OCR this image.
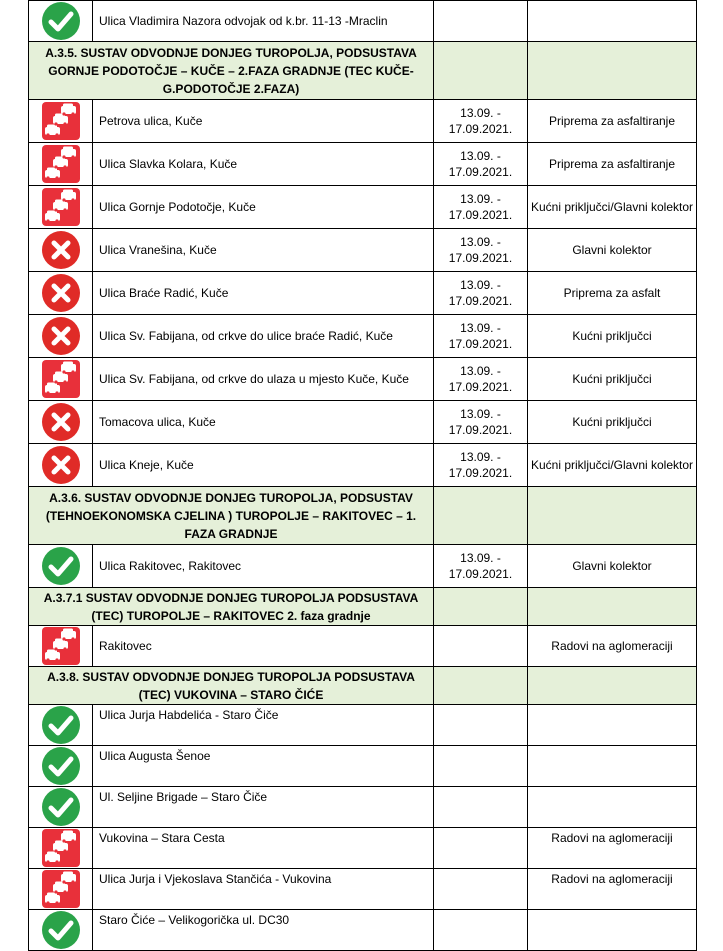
	Ulica Vladimira Nazora odvojak od k.br. 11-13 -Mraclin		
A.3.5. SUSTAV ODVODNJE DONJEG TUROPOLJA, PODSUSTAVA GORNJE PODOTOČJE – KUČE – 2.FAZA GRADNJE (TEC KUČE-G.PODOTOČJE 2.FAZA)			

	Petrova ulica, Kuče	13.09. - 17.09.2021.	Priprema za asfaltiranje

	Ulica Slavka Kolara, Kuče	13.09. - 17.09.2021.	Priprema za asfaltiranje

	Ulica Gornje Podotočje, Kuče	13.09. - 17.09.2021.	Kućni priključci/Glavni kolektor

	Ulica Vranešina, Kuče	13.09. - 17.09.2021.	Glavni kolektor

	Ulica Braće Radić, Kuče	13.09. - 17.09.2021.	Priprema za asfalt

	Ulica Sv. Fabijana, od crkve do ulice braće Radić, Kuče	13.09. - 17.09.2021.	Kućni priključci

	Ulica Sv. Fabijana, od crkve do ulaza u mjesto Kuče, Kuče	13.09. - 17.09.2021.	Kućni priključci

	Tomacova ulica, Kuče	13.09. - 17.09.2021.	Kućni priključci

	Ulica Kneje, Kuče	13.09. - 17.09.2021.	Kućni priključci/Glavni kolektor
A.3.6. SUSTAV ODVODNJE DONJEG TUROPOLJA, PODSUSTAV (TEHNOEKONOMSKA CJELINA ) TUROPOLJE – RAKITOVEC – 1. FAZA GRADNJE			

	Ulica Rakitovec, Rakitovec	13.09. - 17.09.2021.	Glavni kolektor
A.3.7.1 SUSTAV ODVODNJE DONJEG TUROPOLJA PODSUSTAVA (TEC) TUROPOLJE – RAKITOVEC 2. faza gradnje			

	Rakitovec		Radovi na aglomeraciji
A.3.8. SUSTAV ODVODNJE DONJEG TUROPOLJA PODSUSTAVA (TEC) VUKOVINA – STARO ČIĆE			

	Ulica Jurja Habdelića - Staro Čiče		

	Ulica Augusta Šenoe		

	Ul. Seljine Brigade – Staro Čiče		

	Vukovina – Stara Cesta		Radovi na aglomeraciji

	Ulica Jurja i Vjekoslava Stančića - Vukovina		Radovi na aglomeraciji

	Staro Čiće – Velikogorička ul. DC30		
